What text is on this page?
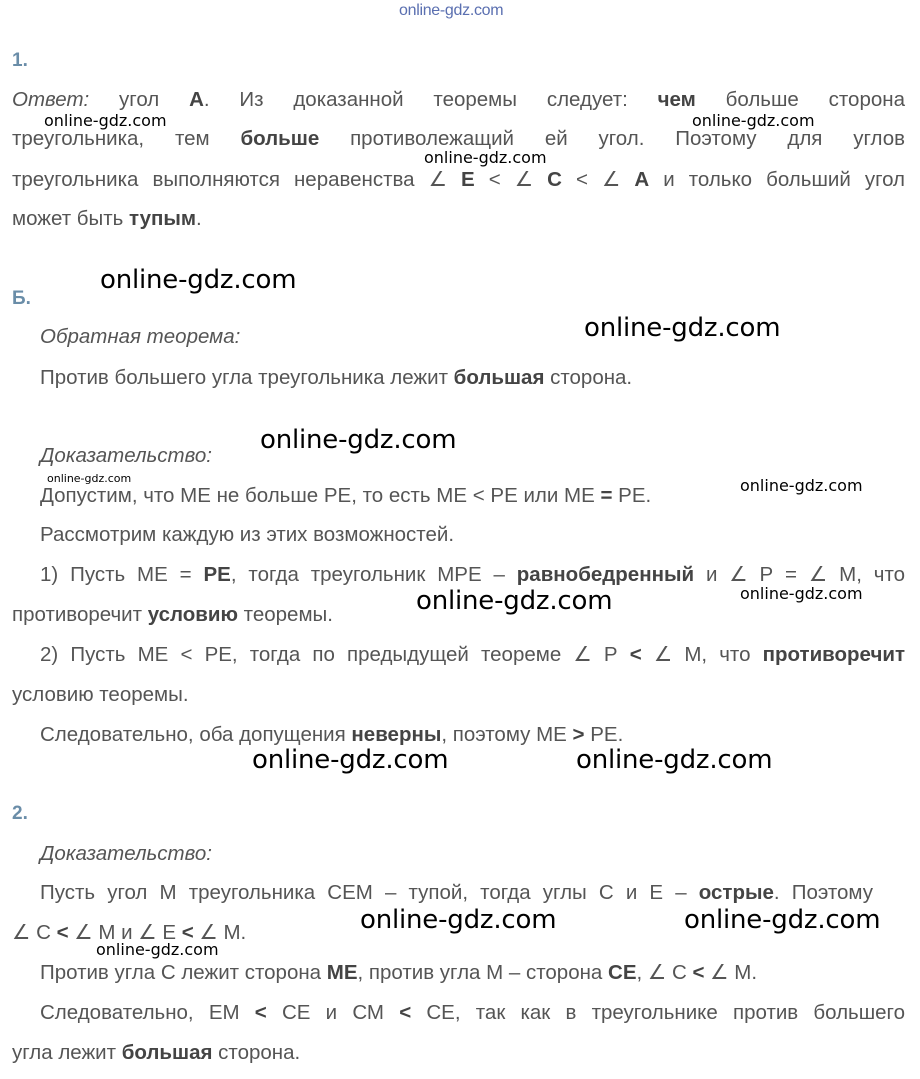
online-gdz.com
1.
Ответ: угол А. Из доказанной теоремы следует: чем больше сторона
треугольника, тем больше противолежащий ей угол. Поэтому для углов
треугольника выполняются неравенства ∠ Е < ∠ С < ∠ А и только больший угол
может быть тупым.
Б.
Обратная теорема:
Против большего угла треугольника лежит большая сторона.
Доказательство:
Допустим, что МЕ не больше РЕ, то есть МЕ < РЕ или МЕ = РЕ.
Рассмотрим каждую из этих возможностей.
1) Пусть МЕ = РЕ, тогда треугольник МРЕ – равнобедренный и ∠ Р = ∠ М, что
противоречит условию теоремы.
2) Пусть МЕ < РЕ, тогда по предыдущей теореме ∠ Р < ∠ М, что противоречит
условию теоремы.
Следовательно, оба допущения неверны, поэтому МЕ > РЕ.
2.
Доказательство:
Пусть угол М треугольника СЕМ – тупой, тогда углы С и Е – острые. Поэтому
∠ С < ∠ М и ∠ Е < ∠ М.
Против угла С лежит сторона МЕ, против угла М – сторона СЕ, ∠ С < ∠ М.
Следовательно, ЕМ < СЕ и СМ < СЕ, так как в треугольнике против большего
угла лежит большая сторона.
online-gdz.com	online-gdz.com
online-gdz.com
online-gdz.com
online-gdz.com
online-gdz.com
online-gdz.com	online-gdz.com
online-gdz.com
online-gdz.com
online-gdz.com	online-gdz.com
online-gdz.com	online-gdz.com
online-gdz.com
